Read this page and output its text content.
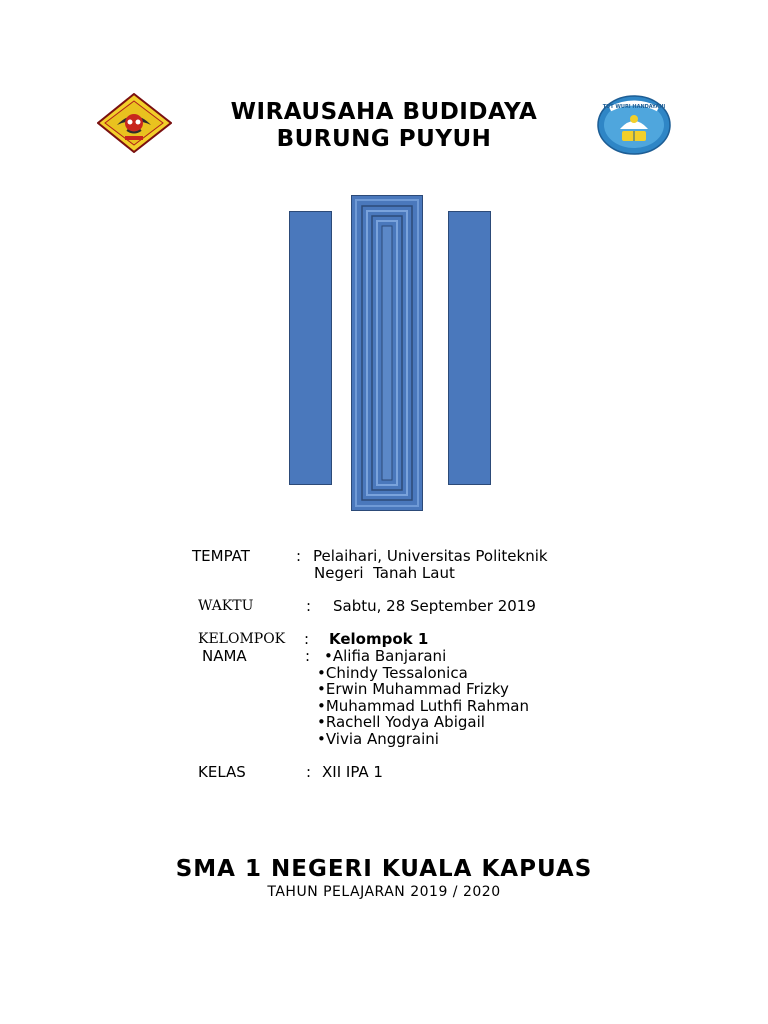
WIRAUSAHA BUDIDAYA
BURUNG PUYUH
TUT WURI HANDAYANI
TEMPAT	: Pelaihari, Universitas Politeknik
Negeri  Tanah Laut
WAKTU	: Sabtu, 28 September 2019
KELOMPOK : Kelompok 1
NAMA	: •Alifia Banjarani
•Chindy Tessalonica
•Erwin Muhammad Frizky
•Muhammad Luthfi Rahman
•Rachell Yodya Abigail
•Vivia Anggraini
KELAS	: XII IPA 1
SMA 1 NEGERI KUALA KAPUAS
TAHUN PELAJARAN 2019 / 2020
